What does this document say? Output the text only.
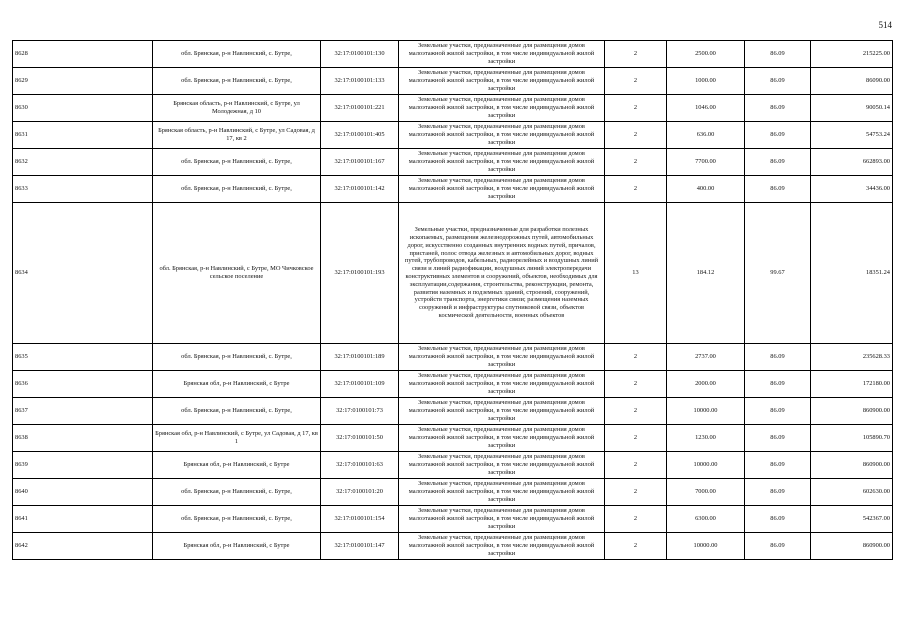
514
8628	обл. Брянская, р-н Навлинский, с. Бутре,	32:17:0100101:130	Земельные участки, предназначенные для размещения домов малоэтажной жилой застройки, в том числе индивидуальной жилой застройки	2	2500.00	86.09	215225.00
8629	обл. Брянская, р-н Навлинский, с. Бутре,	32:17:0100101:133	Земельные участки, предназначенные для размещения домов малоэтажной жилой застройки, в том числе индивидуальной жилой застройки	2	1000.00	86.09	86090.00
8630	Брянская область, р-н Навлинский, с Бутре, ул Молодежная, д 10	32:17:0100101:221	Земельные участки, предназначенные для размещения домов малоэтажной жилой застройки, в том числе индивидуальной жилой застройки	2	1046.00	86.09	90050.14
8631	Брянская область, р-н Навлинский, с Бутре, ул Садовая, д 17, кв 2	32:17:0100101:405	Земельные участки, предназначенные для размещения домов малоэтажной жилой застройки, в том числе индивидуальной жилой застройки	2	636.00	86.09	54753.24
8632	обл. Брянская, р-н Навлинский, с. Бутре,	32:17:0100101:167	Земельные участки, предназначенные для размещения домов малоэтажной жилой застройки, в том числе индивидуальной жилой застройки	2	7700.00	86.09	662893.00
8633	обл. Брянская, р-н Навлинский, с. Бутре,	32:17:0100101:142	Земельные участки, предназначенные для размещения домов малоэтажной жилой застройки, в том числе индивидуальной жилой застройки	2	400.00	86.09	34436.00
8634	обл. Брянская, р-н Навлинский, с Бутре, МО Чичковское сельское поселение	32:17:0100101:193	Земельные участки, предназначенные для разработки полезных ископаемых, размещения железнодорожных путей, автомобильных дорог, искусственно созданных внутренних водных путей, причалов, пристаней, полос отвода железных и автомобильных дорог, водных путей, трубопроводов, кабельных, радиорелейных и воздушных линий связи и линий радиофикации, воздушных линий электропередачи конструктивных элементов и сооружений, объектов, необходимых для эксплуатации,содержания, строительства, реконструкции, ремонта, развития наземных и подземных зданий, строений, сооружений, устройств транспорта, энергетики связи; размещения наземных сооружений и инфраструктуры спутниковой связи, объектов космической деятельности, военных объектов	13	184.12	99.67	18351.24
8635	обл. Брянская, р-н Навлинский, с. Бутре,	32:17:0100101:189	Земельные участки, предназначенные для размещения домов малоэтажной жилой застройки, в том числе индивидуальной жилой застройки	2	2737.00	86.09	235628.33
8636	Брянская обл, р-н Навлинский, с Бутре	32:17:0100101:109	Земельные участки, предназначенные для размещения домов малоэтажной жилой застройки, в том числе индивидуальной жилой застройки	2	2000.00	86.09	172180.00
8637	обл. Брянская, р-н Навлинский, с. Бутре,	32:17:0100101:73	Земельные участки, предназначенные для размещения домов малоэтажной жилой застройки, в том числе индивидуальной жилой застройки	2	10000.00	86.09	860900.00
8638	Брянская обл, р-н Навлинский, с Бутре, ул Садовая, д 17, кв 1	32:17:0100101:50	Земельные участки, предназначенные для размещения домов малоэтажной жилой застройки, в том числе индивидуальной жилой застройки	2	1230.00	86.09	105890.70
8639	Брянская обл, р-н Навлинский, с Бутре	32:17:0100101:63	Земельные участки, предназначенные для размещения домов малоэтажной жилой застройки, в том числе индивидуальной жилой застройки	2	10000.00	86.09	860900.00
8640	обл. Брянская, р-н Навлинский, с. Бутре,	32:17:0100101:20	Земельные участки, предназначенные для размещения домов малоэтажной жилой застройки, в том числе индивидуальной жилой застройки	2	7000.00	86.09	602630.00
8641	обл. Брянская, р-н Навлинский, с. Бутре,	32:17:0100101:154	Земельные участки, предназначенные для размещения домов малоэтажной жилой застройки, в том числе индивидуальной жилой застройки	2	6300.00	86.09	542367.00
8642	Брянская обл, р-н Навлинский, с Бутре	32:17:0100101:147	Земельные участки, предназначенные для размещения домов малоэтажной жилой застройки, в том числе индивидуальной жилой застройки	2	10000.00	86.09	860900.00
